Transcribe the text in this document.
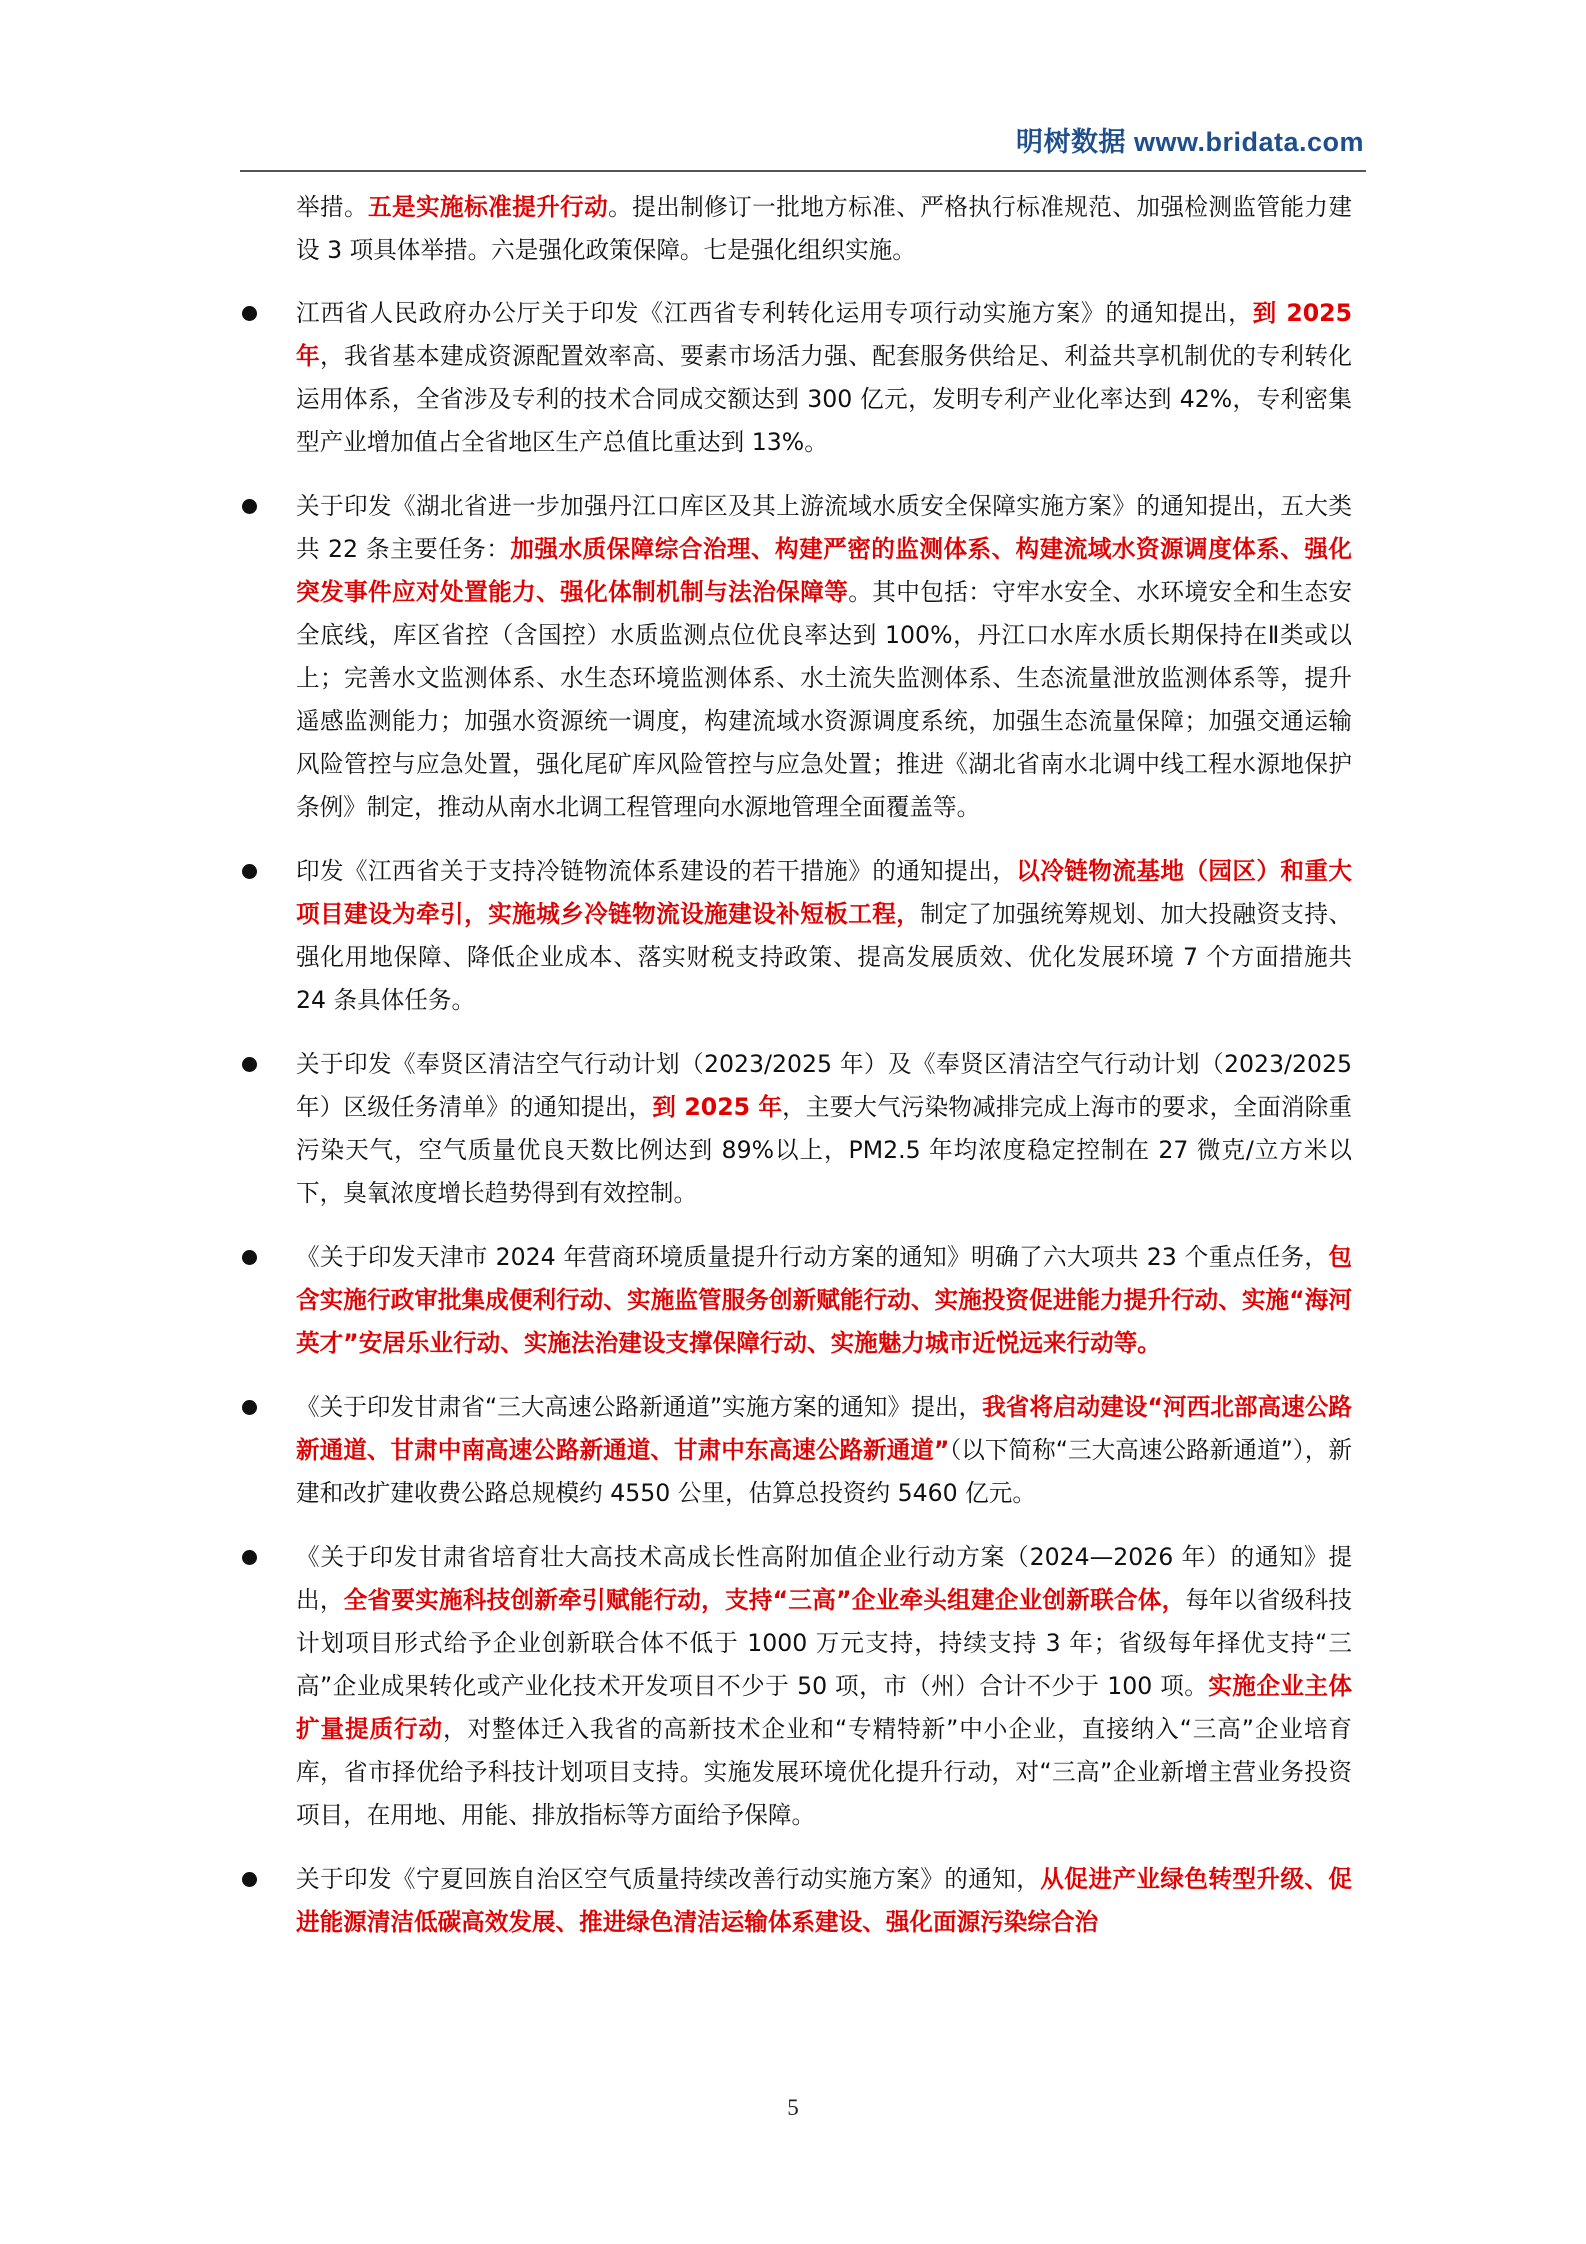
明树数据 www.bridata.com

举措。五是实施标准提升行动。提出制修订一批地方标准、严格执行标准规范、加强检测监管能力建设 3 项具体举措。六是强化政策保障。七是强化组织实施。

江西省人民政府办公厅关于印发《江西省专利转化运用专项行动实施方案》的通知提出，到 2025 年，我省基本建成资源配置效率高、要素市场活力强、配套服务供给足、利益共享机制优的专利转化运用体系，全省涉及专利的技术合同成交额达到 300 亿元，发明专利产业化率达到 42%，专利密集型产业增加值占全省地区生产总值比重达到 13%。

关于印发《湖北省进一步加强丹江口库区及其上游流域水质安全保障实施方案》的通知提出，五大类共 22 条主要任务：加强水质保障综合治理、构建严密的监测体系、构建流域水资源调度体系、强化突发事件应对处置能力、强化体制机制与法治保障等。其中包括：守牢水安全、水环境安全和生态安全底线，库区省控（含国控）水质监测点位优良率达到 100%，丹江口水库水质长期保持在Ⅱ类或以上；完善水文监测体系、水生态环境监测体系、水土流失监测体系、生态流量泄放监测体系等，提升遥感监测能力；加强水资源统一调度，构建流域水资源调度系统，加强生态流量保障；加强交通运输风险管控与应急处置，强化尾矿库风险管控与应急处置；推进《湖北省南水北调中线工程水源地保护条例》制定，推动从南水北调工程管理向水源地管理全面覆盖等。

印发《江西省关于支持冷链物流体系建设的若干措施》的通知提出，以冷链物流基地（园区）和重大项目建设为牵引，实施城乡冷链物流设施建设补短板工程，制定了加强统筹规划、加大投融资支持、强化用地保障、降低企业成本、落实财税支持政策、提高发展质效、优化发展环境 7 个方面措施共 24 条具体任务。

关于印发《奉贤区清洁空气行动计划（2023/2025 年）及《奉贤区清洁空气行动计划（2023/2025 年）区级任务清单》的通知提出，到 2025 年，主要大气污染物减排完成上海市的要求，全面消除重污染天气，空气质量优良天数比例达到 89%以上，PM2.5 年均浓度稳定控制在 27 微克/立方米以下，臭氧浓度增长趋势得到有效控制。

《关于印发天津市 2024 年营商环境质量提升行动方案的通知》明确了六大项共 23 个重点任务，包含实施行政审批集成便利行动、实施监管服务创新赋能行动、实施投资促进能力提升行动、实施“海河英才”安居乐业行动、实施法治建设支撑保障行动、实施魅力城市近悦远来行动等。

《关于印发甘肃省“三大高速公路新通道”实施方案的通知》提出，我省将启动建设“河西北部高速公路新通道、甘肃中南高速公路新通道、甘肃中东高速公路新通道”（以下简称“三大高速公路新通道”），新建和改扩建收费公路总规模约 4550 公里，估算总投资约 5460 亿元。

《关于印发甘肃省培育壮大高技术高成长性高附加值企业行动方案（2024—2026 年）的通知》提出，全省要实施科技创新牵引赋能行动，支持“三高”企业牵头组建企业创新联合体，每年以省级科技计划项目形式给予企业创新联合体不低于 1000 万元支持，持续支持 3 年；省级每年择优支持“三高”企业成果转化或产业化技术开发项目不少于 50 项，市（州）合计不少于 100 项。实施企业主体扩量提质行动，对整体迁入我省的高新技术企业和“专精特新”中小企业，直接纳入“三高”企业培育库，省市择优给予科技计划项目支持。实施发展环境优化提升行动，对“三高”企业新增主营业务投资项目，在用地、用能、排放指标等方面给予保障。

关于印发《宁夏回族自治区空气质量持续改善行动实施方案》的通知，从促进产业绿色转型升级、促进能源清洁低碳高效发展、推进绿色清洁运输体系建设、强化面源污染综合治

5
